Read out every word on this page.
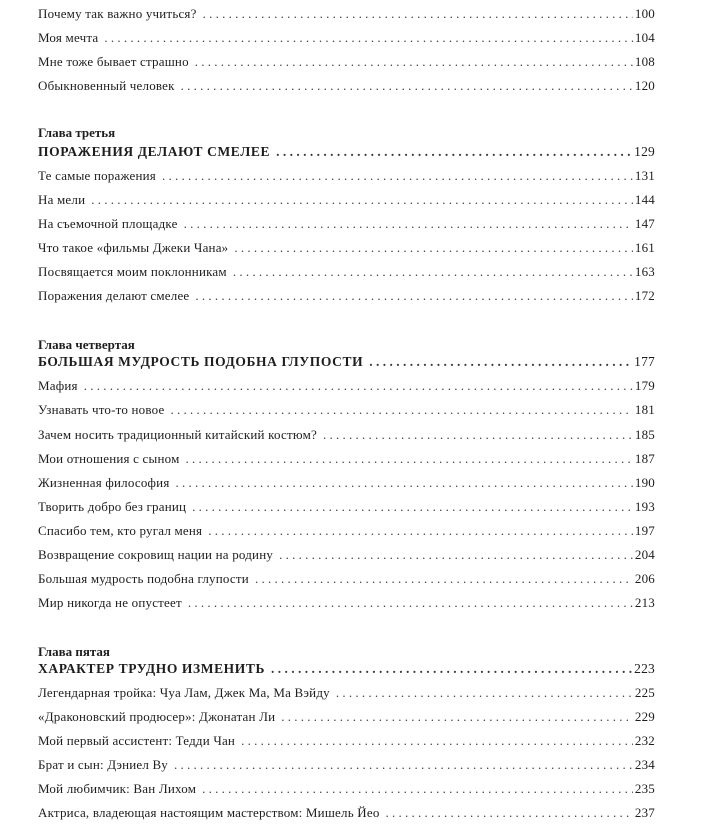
Почему так важно учиться? . . .	100
Моя мечта . . .	104
Мне тоже бывает страшно . . .	108
Обыкновенный человек . . .	120
Глава третья
ПОРАЖЕНИЯ ДЕЛАЮТ СМЕЛЕЕ . . .	129
Те самые поражения . . .	131
На мели . . .	144
На съемочной площадке . . .	147
Что такое «фильмы Джеки Чана» . . .	161
Посвящается моим поклонникам . . .	163
Поражения делают смелее . . .	172
Глава четвертая
БОЛЬШАЯ МУДРОСТЬ ПОДОБНА ГЛУПОСТИ . . .	177
Мафия . . .	179
Узнавать что-то новое . . .	181
Зачем носить традиционный китайский костюм? . . .	185
Мои отношения с сыном . . .	187
Жизненная философия . . .	190
Творить добро без границ . . .	193
Спасибо тем, кто ругал меня . . .	197
Возвращение сокровищ нации на родину . . .	204
Большая мудрость подобна глупости . . .	206
Мир никогда не опустеет . . .	213
Глава пятая
ХАРАКТЕР ТРУДНО ИЗМЕНИТЬ . . .	223
Легендарная тройка: Чуа Лам, Джек Ма, Ма Вэйду . . .	225
«Драконовский продюсер»: Джонатан Ли . . .	229
Мой первый ассистент: Тедди Чан . . .	232
Брат и сын: Дэниел Ву . . .	234
Мой любимчик: Ван Лихом . . .	235
Актриса, владеющая настоящим мастерством: Мишель Йео . . .	237
